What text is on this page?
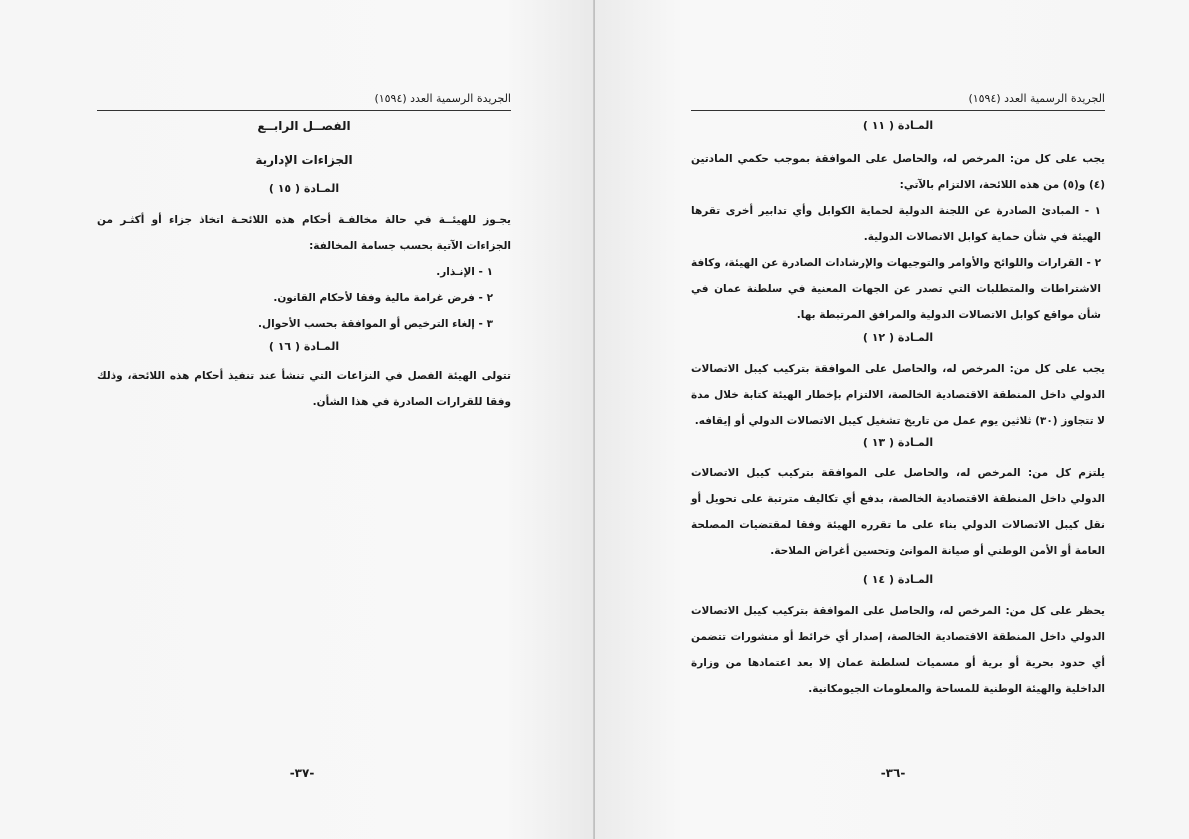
الجريدة الرسمية العدد (١٥٩٤)
الفصــل الرابــع
الجزاءات الإدارية
المـادة ( ١٥ )
يجـوز للهيئــة في حالة مخالفـة أحكام هذه اللائحـة اتخاذ جزاء أو أكثـر من الجزاءات الآتية بحسب جسامة المخالفة:
١ - الإنـذار.
٢ - فرض غرامة مالية وفقا لأحكام القانون.
٣ - إلغاء الترخيص أو الموافقة بحسب الأحوال.
المـادة ( ١٦ )
تتولى الهيئة الفصل في النزاعات التي تنشأ عند تنفيذ أحكام هذه اللائحة، وذلك وفقا للقرارات الصادرة في هذا الشأن.
-٣٧-
الجريدة الرسمية العدد (١٥٩٤)
المـادة ( ١١ )
يجب على كل من: المرخص له، والحاصل على الموافقة بموجب حكمي المادتين (٤) و(٥) من هذه اللائحة، الالتزام بالآتي:
١ - المبادئ الصادرة عن اللجنة الدولية لحماية الكوابل وأي تدابير أخرى تقرها الهيئة في شأن حماية كوابل الاتصالات الدولية.
٢ - القرارات واللوائح والأوامر والتوجيهات والإرشادات الصادرة عن الهيئة، وكافة الاشتراطات والمتطلبات التي تصدر عن الجهات المعنية في سلطنة عمان في شأن مواقع كوابل الاتصالات الدولية والمرافق المرتبطة بها.
المـادة ( ١٢ )
يجب على كل من: المرخص له، والحاصل على الموافقة بتركيب كيبل الاتصالات الدولي داخل المنطقة الاقتصادية الخالصة، الالتزام بإخطار الهيئة كتابة خلال مدة لا تتجاوز (٣٠) ثلاثين يوم عمل من تاريخ تشغيل كيبل الاتصالات الدولي أو إيقافه.
المـادة ( ١٣ )
يلتزم كل من: المرخص له، والحاصل على الموافقة بتركيب كيبل الاتصالات الدولي داخل المنطقة الاقتصادية الخالصة، بدفع أي تكاليف مترتبة على تحويل أو نقل كيبل الاتصالات الدولي بناء على ما تقرره الهيئة وفقا لمقتضيات المصلحة العامة أو الأمن الوطني أو صيانة الموانئ وتحسين أغراض الملاحة.
المـادة ( ١٤ )
يحظر على كل من: المرخص له، والحاصل على الموافقة بتركيب كيبل الاتصالات الدولي داخل المنطقة الاقتصادية الخالصة، إصدار أي خرائط أو منشورات تتضمن أي حدود بحرية أو برية أو مسميات لسلطنة عمان إلا بعد اعتمادها من وزارة الداخلية والهيئة الوطنية للمساحة والمعلومات الجيومكانية.
-٣٦-
